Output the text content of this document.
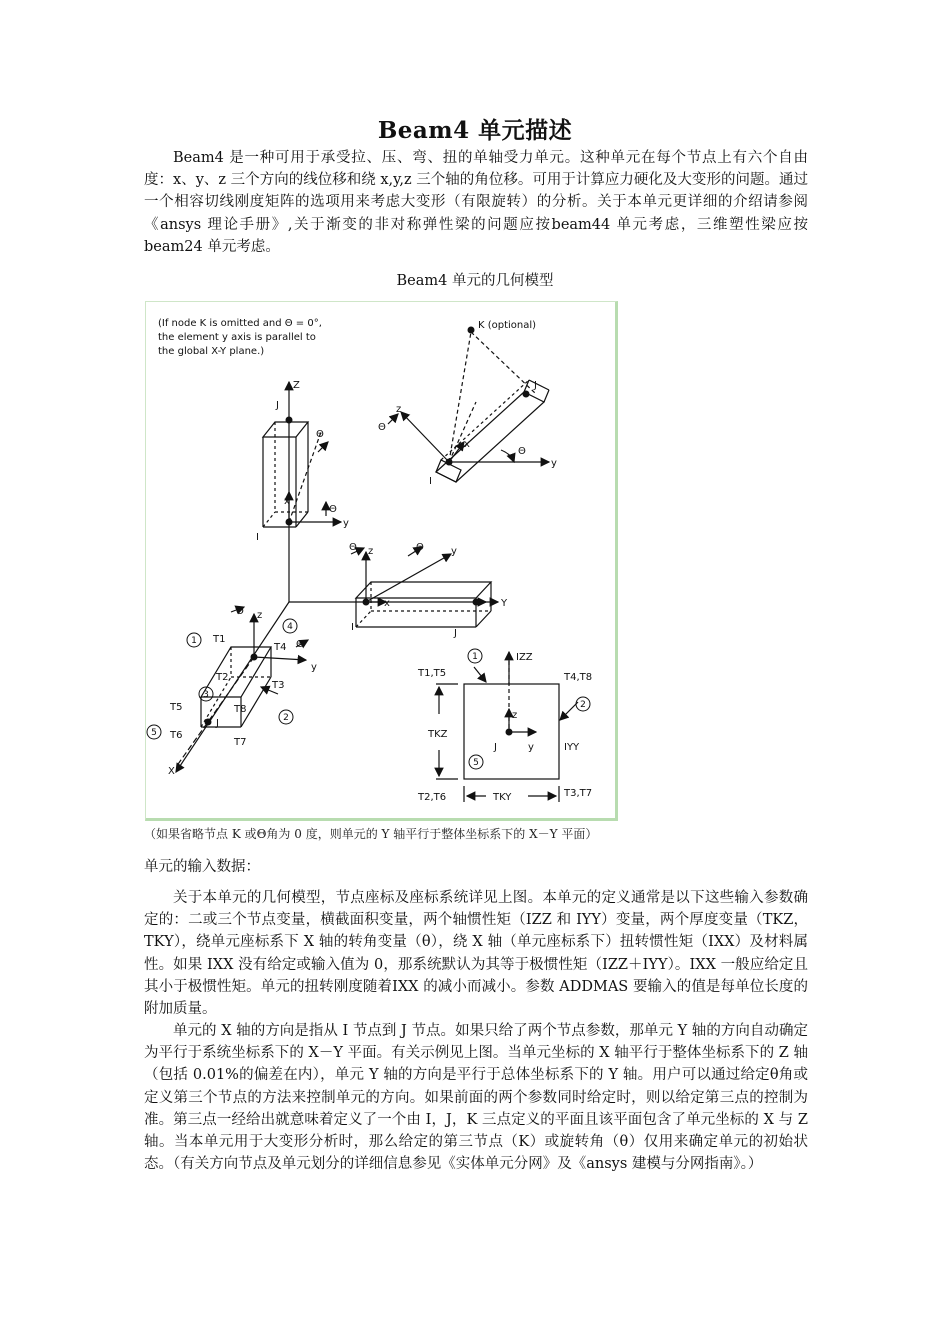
Beam4 单元描述

Beam4 是一种可用于承受拉、压、弯、扭的单轴受力单元。这种单元在每个节点上有六个自由度：x、y、z 三个方向的线位移和绕 x,y,z 三个轴的角位移。可用于计算应力硬化及大变形的问题。通过一个相容切线刚度矩阵的选项用来考虑大变形（有限旋转）的分析。关于本单元更详细的介绍请参阅《ansys 理论手册》,关于渐变的非对称弹性梁的问题应按beam44 单元考虑，三维塑性梁应按 beam24 单元考虑。

Beam4 单元的几何模型
(If node K is omitted and Θ = 0°,
the element y axis is parallel to
the global X-Y plane.)
K (optional)
Z
J
I
x
y
Θ
Θ
z
x
y
Y
I
J
Θ	Θ
z
Θ
J
I
x
y
Θ
Θ z
y
X
T1
T2
T3
T4
T5
T6
T7
T8
J
Θ
T1,T5	T4,T8
T2,T6	T3,T7
IZZ
IYY
TKZ
TKY
z
y
J
1
4
3
2
5
1
2
5
（如果省略节点 K 或Θ角为 0 度，则单元的 Y 轴平行于整体坐标系下的 X－Y 平面）
单元的输入数据：

关于本单元的几何模型，节点座标及座标系统详见上图。本单元的定义通常是以下这些输入参数确定的：二或三个节点变量，横截面积变量，两个轴惯性矩（IZZ 和 IYY）变量，两个厚度变量（TKZ，TKY），绕单元座标系下 X 轴的转角变量（θ），绕 X 轴（单元座标系下）扭转惯性矩（IXX）及材料属性。如果 IXX 没有给定或输入值为 0，那系统默认为其等于极惯性矩（IZZ＋IYY）。IXX 一般应给定且其小于极惯性矩。单元的扭转刚度随着IXX 的减小而减小。参数 ADDMAS 要输入的值是每单位长度的附加质量。

单元的 X 轴的方向是指从 I 节点到 J 节点。如果只给了两个节点参数，那单元 Y 轴的方向自动确定为平行于系统坐标系下的 X－Y 平面。有关示例见上图。当单元坐标的 X 轴平行于整体坐标系下的 Z 轴（包括 0.01%的偏差在内），单元 Y 轴的方向是平行于总体坐标系下的 Y 轴。用户可以通过给定θ角或定义第三个节点的方法来控制单元的方向。如果前面的两个参数同时给定时，则以给定第三点的控制为准。第三点一经给出就意味着定义了一个由 I，J，K 三点定义的平面且该平面包含了单元坐标的 X 与 Z 轴。当本单元用于大变形分析时，那么给定的第三节点（K）或旋转角（θ）仅用来确定单元的初始状态。（有关方向节点及单元划分的详细信息参见《实体单元分网》及《ansys 建模与分网指南》。）
